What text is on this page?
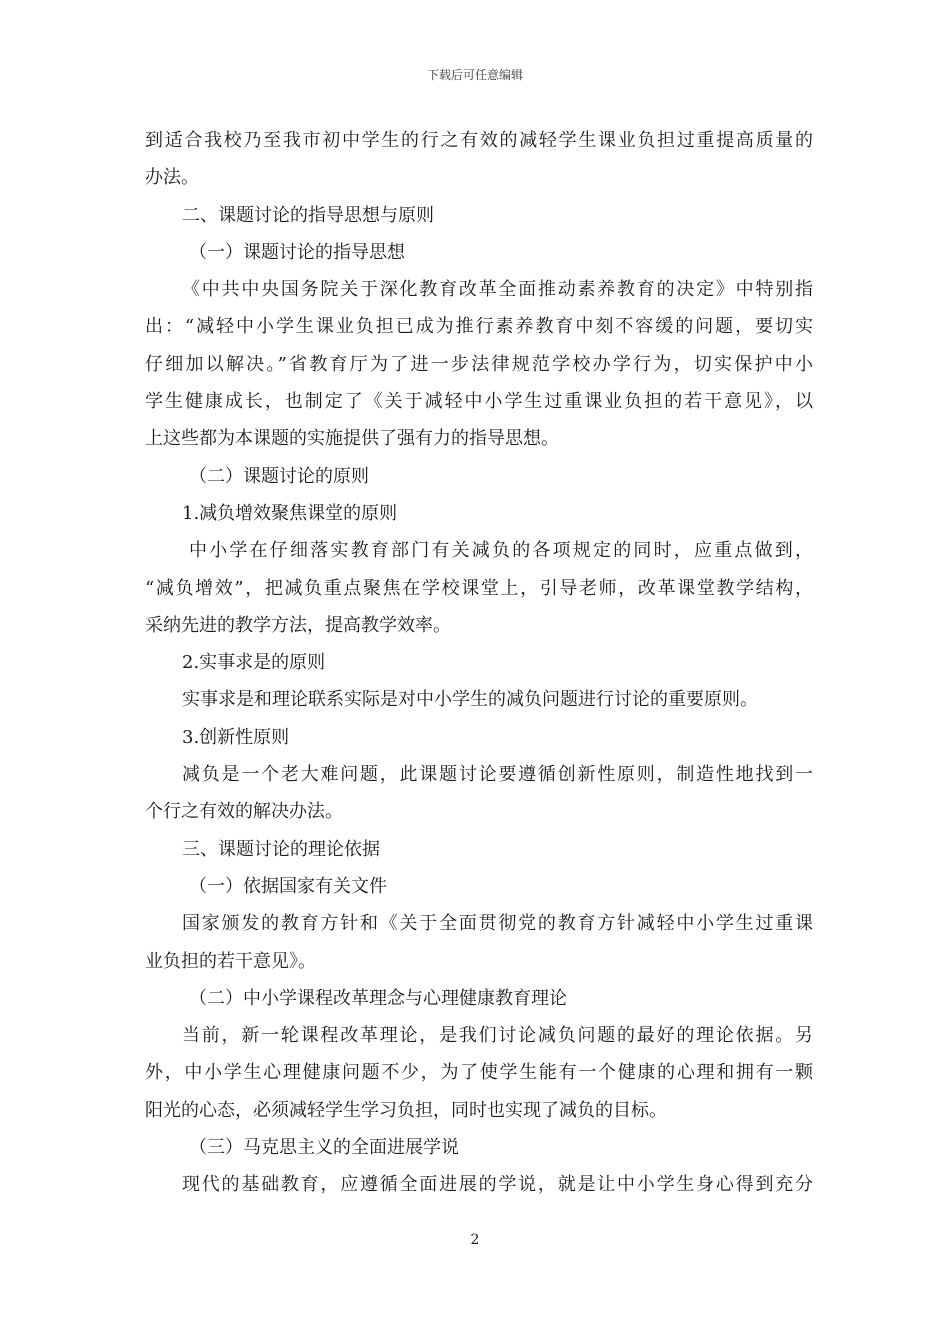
下载后可任意编辑
到适合我校乃至我市初中学生的行之有效的减轻学生课业负担过重提高质量的
办法。
二、课题讨论的指导思想与原则
（一）课题讨论的指导思想
《中共中央国务院关于深化教育改革全面推动素养教育的决定》中特别指
出：“减轻中小学生课业负担已成为推行素养教育中刻不容缓的问题，要切实
仔细加以解决。”省教育厅为了进一步法律规范学校办学行为，切实保护中小
学生健康成长，也制定了《关于减轻中小学生过重课业负担的若干意见》，以
上这些都为本课题的实施提供了强有力的指导思想。
（二）课题讨论的原则
1.减负增效聚焦课堂的原则
中小学在仔细落实教育部门有关减负的各项规定的同时，应重点做到，
“减负增效”，把减负重点聚焦在学校课堂上，引导老师，改革课堂教学结构，
采纳先进的教学方法，提高教学效率。
2.实事求是的原则
实事求是和理论联系实际是对中小学生的减负问题进行讨论的重要原则。
3.创新性原则
减负是一个老大难问题，此课题讨论要遵循创新性原则，制造性地找到一
个行之有效的解决办法。
三、课题讨论的理论依据
（一）依据国家有关文件
国家颁发的教育方针和《关于全面贯彻党的教育方针减轻中小学生过重课
业负担的若干意见》。
（二）中小学课程改革理念与心理健康教育理论
当前，新一轮课程改革理论，是我们讨论减负问题的最好的理论依据。另
外，中小学生心理健康问题不少，为了使学生能有一个健康的心理和拥有一颗
阳光的心态，必须减轻学生学习负担，同时也实现了减负的目标。
（三）马克思主义的全面进展学说
现代的基础教育，应遵循全面进展的学说，就是让中小学生身心得到充分
2
